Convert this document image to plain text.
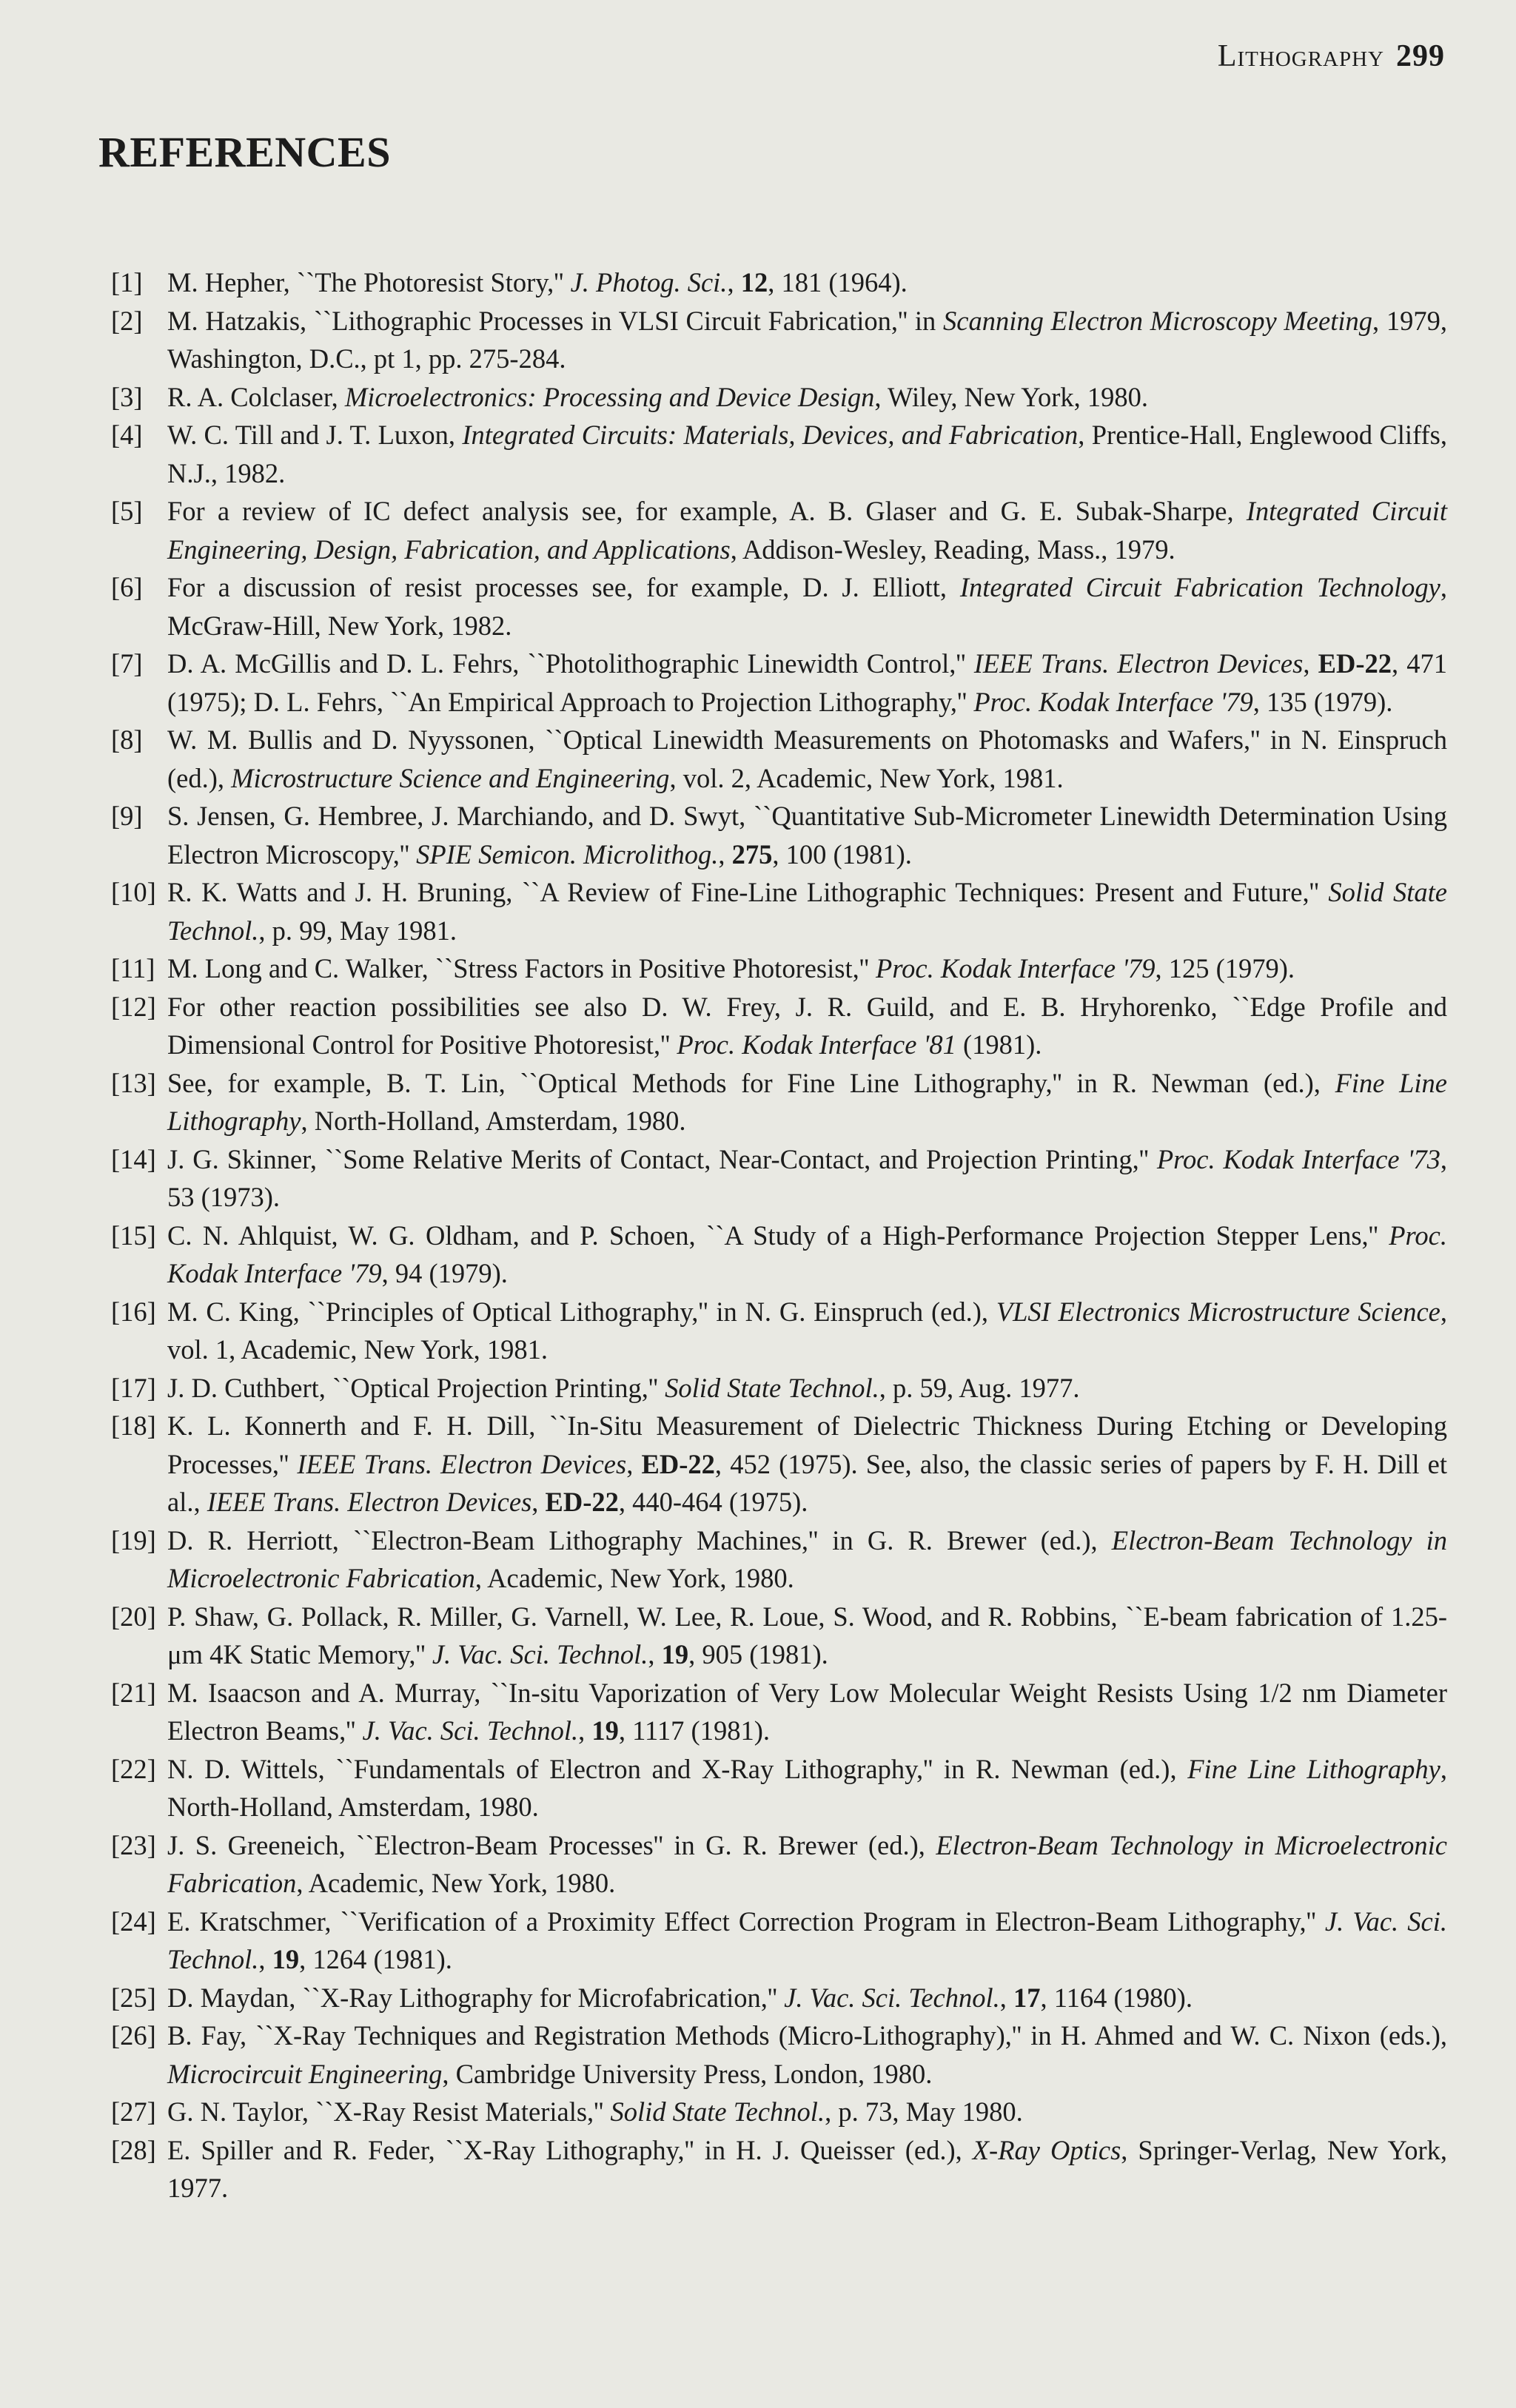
Lithography 299
REFERENCES
[1] M. Hepher, ``The Photoresist Story,'' J. Photog. Sci., 12, 181 (1964).
[2] M. Hatzakis, ``Lithographic Processes in VLSI Circuit Fabrication,'' in Scanning Electron Microscopy Meeting, 1979, Washington, D.C., pt 1, pp. 275-284.
[3] R. A. Colclaser, Microelectronics: Processing and Device Design, Wiley, New York, 1980.
[4] W. C. Till and J. T. Luxon, Integrated Circuits: Materials, Devices, and Fabrication, Prentice-Hall, Englewood Cliffs, N.J., 1982.
[5] For a review of IC defect analysis see, for example, A. B. Glaser and G. E. Subak-Sharpe, Integrated Circuit Engineering, Design, Fabrication, and Applications, Addison-Wesley, Reading, Mass., 1979.
[6] For a discussion of resist processes see, for example, D. J. Elliott, Integrated Circuit Fabrication Technology, McGraw-Hill, New York, 1982.
[7] D. A. McGillis and D. L. Fehrs, ``Photolithographic Linewidth Control,'' IEEE Trans. Electron Devices, ED-22, 471 (1975); D. L. Fehrs, ``An Empirical Approach to Projection Lithography,'' Proc. Kodak Interface '79, 135 (1979).
[8] W. M. Bullis and D. Nyyssonen, ``Optical Linewidth Measurements on Photomasks and Wafers,'' in N. Einspruch (ed.), Microstructure Science and Engineering, vol. 2, Academic, New York, 1981.
[9] S. Jensen, G. Hembree, J. Marchiando, and D. Swyt, ``Quantitative Sub-Micrometer Linewidth Determination Using Electron Microscopy,'' SPIE Semicon. Microlithog., 275, 100 (1981).
[10] R. K. Watts and J. H. Bruning, ``A Review of Fine-Line Lithographic Techniques: Present and Future,'' Solid State Technol., p. 99, May 1981.
[11] M. Long and C. Walker, ``Stress Factors in Positive Photoresist,'' Proc. Kodak Interface '79, 125 (1979).
[12] For other reaction possibilities see also D. W. Frey, J. R. Guild, and E. B. Hryhorenko, ``Edge Profile and Dimensional Control for Positive Photoresist,'' Proc. Kodak Interface '81 (1981).
[13] See, for example, B. T. Lin, ``Optical Methods for Fine Line Lithography,'' in R. Newman (ed.), Fine Line Lithography, North-Holland, Amsterdam, 1980.
[14] J. G. Skinner, ``Some Relative Merits of Contact, Near-Contact, and Projection Printing,'' Proc. Kodak Interface '73, 53 (1973).
[15] C. N. Ahlquist, W. G. Oldham, and P. Schoen, ``A Study of a High-Performance Projection Stepper Lens,'' Proc. Kodak Interface '79, 94 (1979).
[16] M. C. King, ``Principles of Optical Lithography,'' in N. G. Einspruch (ed.), VLSI Electronics Microstructure Science, vol. 1, Academic, New York, 1981.
[17] J. D. Cuthbert, ``Optical Projection Printing,'' Solid State Technol., p. 59, Aug. 1977.
[18] K. L. Konnerth and F. H. Dill, ``In-Situ Measurement of Dielectric Thickness During Etching or Developing Processes,'' IEEE Trans. Electron Devices, ED-22, 452 (1975). See, also, the classic series of papers by F. H. Dill et al., IEEE Trans. Electron Devices, ED-22, 440-464 (1975).
[19] D. R. Herriott, ``Electron-Beam Lithography Machines,'' in G. R. Brewer (ed.), Electron-Beam Technology in Microelectronic Fabrication, Academic, New York, 1980.
[20] P. Shaw, G. Pollack, R. Miller, G. Varnell, W. Lee, R. Loue, S. Wood, and R. Robbins, ``E-beam fabrication of 1.25-μm 4K Static Memory,'' J. Vac. Sci. Technol., 19, 905 (1981).
[21] M. Isaacson and A. Murray, ``In-situ Vaporization of Very Low Molecular Weight Resists Using 1/2 nm Diameter Electron Beams,'' J. Vac. Sci. Technol., 19, 1117 (1981).
[22] N. D. Wittels, ``Fundamentals of Electron and X-Ray Lithography,'' in R. Newman (ed.), Fine Line Lithography, North-Holland, Amsterdam, 1980.
[23] J. S. Greeneich, ``Electron-Beam Processes'' in G. R. Brewer (ed.), Electron-Beam Technology in Microelectronic Fabrication, Academic, New York, 1980.
[24] E. Kratschmer, ``Verification of a Proximity Effect Correction Program in Electron-Beam Lithography,'' J. Vac. Sci. Technol., 19, 1264 (1981).
[25] D. Maydan, ``X-Ray Lithography for Microfabrication,'' J. Vac. Sci. Technol., 17, 1164 (1980).
[26] B. Fay, ``X-Ray Techniques and Registration Methods (Micro-Lithography),'' in H. Ahmed and W. C. Nixon (eds.), Microcircuit Engineering, Cambridge University Press, London, 1980.
[27] G. N. Taylor, ``X-Ray Resist Materials,'' Solid State Technol., p. 73, May 1980.
[28] E. Spiller and R. Feder, ``X-Ray Lithography,'' in H. J. Queisser (ed.), X-Ray Optics, Springer-Verlag, New York, 1977.
